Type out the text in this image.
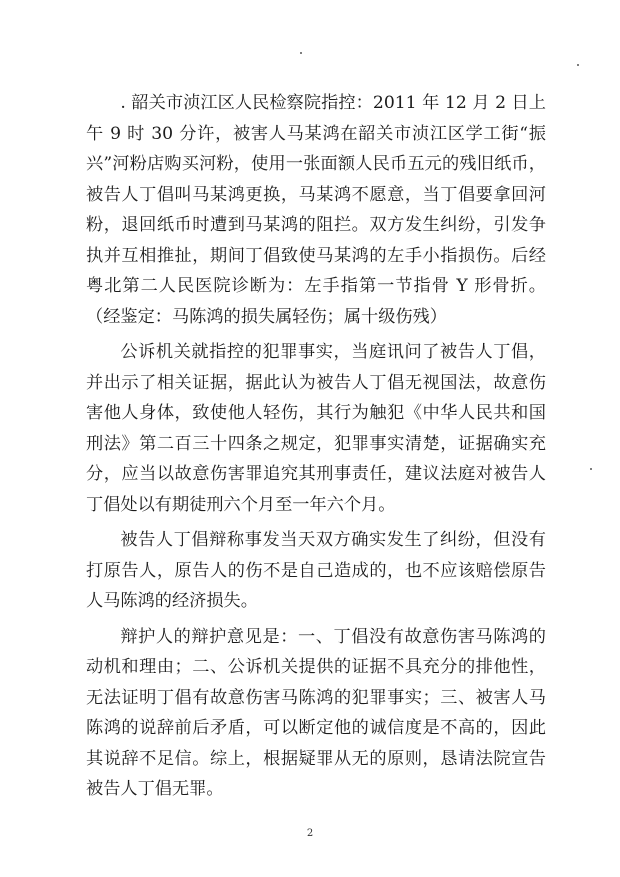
. 韶关市浈江区人民检察院指控：2011 年 12 月 2 日上午 9 时 30 分许，被害人马某鸿在韶关市浈江区学工街“振兴”河粉店购买河粉，使用一张面额人民币五元的残旧纸币，被告人丁倡叫马某鸿更换，马某鸿不愿意，当丁倡要拿回河粉，退回纸币时遭到马某鸿的阻拦。双方发生纠纷，引发争执并互相推扯，期间丁倡致使马某鸿的左手小指损伤。后经粤北第二人民医院诊断为：左手指第一节指骨 Y 形骨折。（经鉴定：马陈鸿的损失属轻伤；属十级伤残）

公诉机关就指控的犯罪事实，当庭讯问了被告人丁倡，并出示了相关证据，据此认为被告人丁倡无视国法，故意伤害他人身体，致使他人轻伤，其行为触犯《中华人民共和国刑法》第二百三十四条之规定，犯罪事实清楚，证据确实充分，应当以故意伤害罪追究其刑事责任，建议法庭对被告人丁倡处以有期徒刑六个月至一年六个月。

被告人丁倡辩称事发当天双方确实发生了纠纷，但没有打原告人，原告人的伤不是自己造成的，也不应该赔偿原告人马陈鸿的经济损失。

辩护人的辩护意见是：一、丁倡没有故意伤害马陈鸿的动机和理由；二、公诉机关提供的证据不具充分的排他性，无法证明丁倡有故意伤害马陈鸿的犯罪事实；三、被害人马陈鸿的说辞前后矛盾，可以断定他的诚信度是不高的，因此其说辞不足信。综上，根据疑罪从无的原则，恳请法院宣告被告人丁倡无罪。

2
